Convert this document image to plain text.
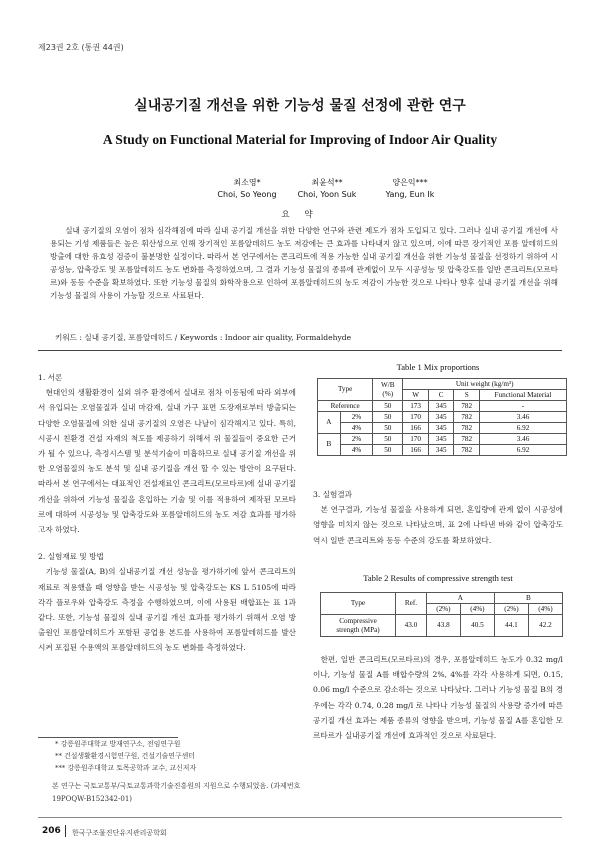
제23권 2호 (통권 44권)
실내공기질 개선을 위한 기능성 물질 선정에 관한 연구
A Study on Functional Material for Improving of Indoor Air Quality
최소영*
Choi, So Yeong
최윤석**
Choi, Yoon Suk
양은익***
Yang, Eun Ik
요 약
실내 공기질의 오염이 점차 심각해짐에 따라 실내 공기질 개선을 위한 다양한 연구와 관련 제도가 점차 도입되고 있다. 그러나 실내 공기질 개선에 사용되는 기성 제품들은 높은 휘산성으로 인해 장기적인 포름알데히드 농도 저감에는 큰 효과를 나타내지 않고 있으며, 이에 따른 장기적인 포름 알데히드의 방출에 대한 유효성 검증이 불분명한 실정이다. 따라서 본 연구에서는 콘크리트에 적용 가능한 실내 공기질 개선을 위한 기능성 물질을 선정하기 위하여 시공성능, 압축강도 및 포름알데히드 농도 변화를 측정하였으며, 그 결과 기능성 물질의 종류에 관계없이 모두 시공성능 및 압축강도를 일반 콘크리트(모르타르)와 동등 수준을 확보하였다. 또한 기능성 물질의 화학작용으로 인하여 포름알데히드의 농도 저감이 가능한 것으로 나타나 향후 실내 공기질 개선을 위해 기능성 물질의 사용이 가능할 것으로 사료된다.
키워드 : 실내 공기질, 포름알데히드 / Keywords : Indoor air quality, Formaldehyde

1. 서론

현대인의 생활환경이 실외 위주 환경에서 실내로 점차 이동됨에 따라 외부에서 유입되는 오염물질과 실내 마감재, 실내 가구 표면 도장재로부터 방출되는 다양한 오염물질에 의한 실내 공기질의 오염은 나날이 심각해지고 있다. 특히, 시공시 친환경 건설 자재의 척도를 제공하기 위해서 위 물질들이 중요한 근거가 될 수 있으나, 측정시스템 및 분석기술이 미흡하므로 실내 공기질 개선을 위한 오염물질의 농도 분석 및 실내 공기질을 개선 할 수 있는 방안이 요구된다. 따라서 본 연구에서는 대표적인 건설재료인 콘크리트(모르타르)에 실내 공기질 개선을 위하여 기능성 물질을 혼입하는 기술 및 이를 적용하여 제작된 모르타르에 대하여 시공성능 및 압축강도와 포름알데히드의 농도 저감 효과를 평가하고자 하였다.

2. 실험재료 및 방법

기능성 물질(A, B)의 실내공기질 개선 성능을 평가하기에 앞서 콘크리트의 재료로 적용했을 때 영향을 받는 시공성능 및 압축강도는 KS L 5105에 따라 각각 플로우와 압축강도 측정을 수행하였으며, 이에 사용된 배합표는 표 1과 같다. 또한, 기능성 물질의 실내 공기질 개선 효과를 평가하기 위해서 오염 방출원인 포름알데히드가 포함된 공업용 본드를 사용하여 포름알데히드를 발산시켜 포집된 수용액의 포름알데히드의 농도 변화를 측정하였다.

Table 1 Mix proportions
Type		W/B
(%)	Unit weight (kg/m³)			
			W	C	S	Functional Material
Reference		50	173	345	782	-
A	2%	50	170	345	782	3.46
	4%	50	166	345	782	6.92
B	2%	50	170	345	782	3.46
	4%	50	166	345	782	6.92

3. 실험결과

본 연구결과, 기능성 물질을 사용하게 되면, 혼입량에 관계 없이 시공성에 영향을 미치지 않는 것으로 나타났으며, 표 2에 나타낸 바와 같이 압축강도 역시 일반 콘크리트와 동등 수준의 강도를 확보하였다.

Table 2 Results of compressive strength test
Type	Ref.	A		B	
		(2%)	(4%)	(2%)	(4%)
Compressive
strength (MPa)	43.0	43.8	40.5	44.1	42.2

한편, 일반 콘크리트(모르타르)의 경우, 포름알데히드 농도가 0.32 mg/l 이나, 기능성 물질 A를 배합수량의 2%, 4%를 각각 사용하게 되면, 0.15, 0.06 mg/l 수준으로 감소하는 것으로 나타났다. 그러나 기능성 물질 B의 경우에는 각각 0.74, 0.28 mg/l 로 나타나 기능성 물질의 사용량 증가에 따른 공기질 개선 효과는 제품 종류의 영향을 받으며, 기능성 물질 A를 혼입한 모르타르가 실내공기질 개선에 효과적인 것으로 사료된다.

* 강릉원주대학교 방재연구소, 전임연구원
** 건설생활환경시험연구원, 건설기술연구센터
*** 강릉원주대학교 토목공학과 교수, 교신저자
본 연구는 국토교통부/국토교통과학기술진흥원의 지원으로 수행되었음. (과제번호 19POQW-B152342-01)
206 한국구조물진단유지관리공학회
